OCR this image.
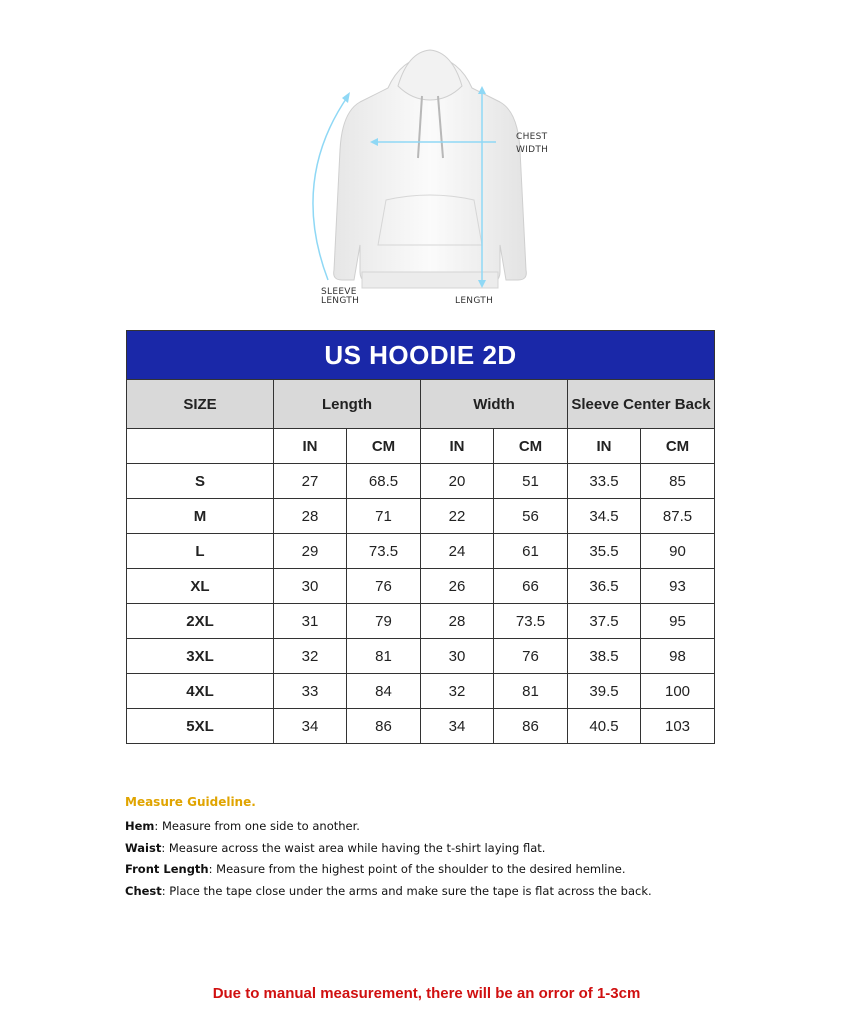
CHEST
WIDTH
SLEEVE
LENGTH	LENGTH
US HOODIE 2D						
SIZE	Length		Width		Sleeve Center Back	
	IN	CM	IN	CM	IN	CM
S	27	68.5	20	51	33.5	85
M	28	71	22	56	34.5	87.5
L	29	73.5	24	61	35.5	90
XL	30	76	26	66	36.5	93
2XL	31	79	28	73.5	37.5	95
3XL	32	81	30	76	38.5	98
4XL	33	84	32	81	39.5	100
5XL	34	86	34	86	40.5	103
Measure Guideline.
Hem: Measure from one side to another.
Waist: Measure across the waist area while having the t-shirt laying flat.
Front Length: Measure from the highest point of the shoulder to the desired hemline.
Chest: Place the tape close under the arms and make sure the tape is flat across the back.
Due to manual measurement, there will be an orror of 1-3cm
